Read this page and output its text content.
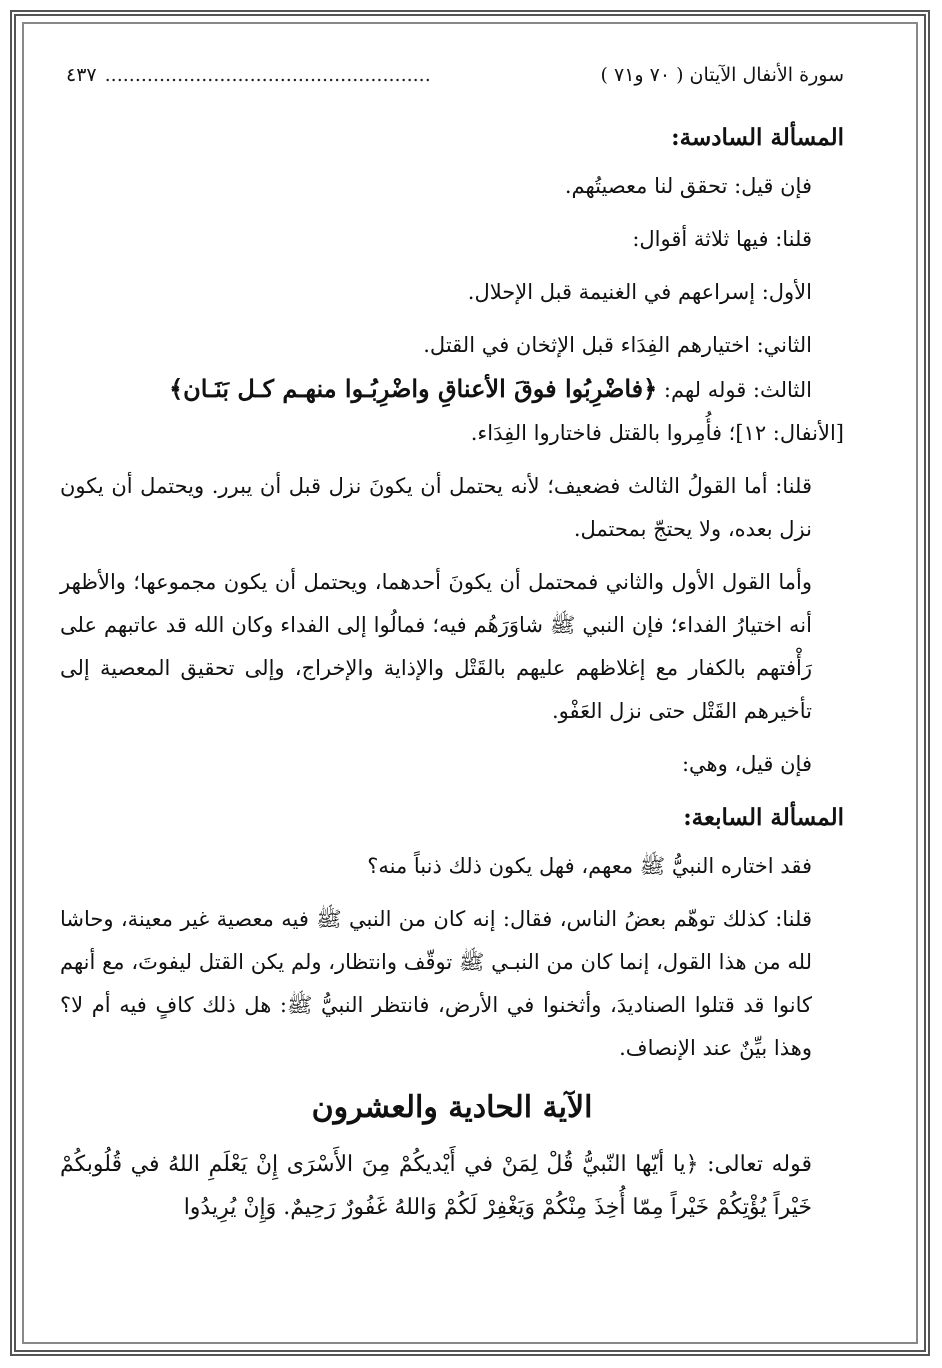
سورة الأنفال الآيتان ( ٧٠ و٧١ )
......................................................
٤٣٧
المسألة السادسة:

فإن قيل: تحقق لنا معصيتُهم.

قلنا: فيها ثلاثة أقوال:

الأول: إسراعهم في الغنيمة قبل الإحلال.

الثاني: اختيارهم الفِدَاء قبل الإثخان في القتل.

الثالث: قوله لهم: ﴿فاضْرِبُوا فوقَ الأعناقِ واضْرِبُـوا منهـم كـل بَنَـان﴾

[الأنفال: ١٢]؛ فأُمِروا بالقتل فاختاروا الفِدَاء.

قلنا: أما القولُ الثالث فضعيف؛ لأنه يحتمل أن يكونَ نزل قبل أن يبرر. ويحتمل أن يكون نزل بعده، ولا يحتجّ بمحتمل.

وأما القول الأول والثاني فمحتمل أن يكونَ أحدهما، ويحتمل أن يكون مجموعها؛ والأظهر أنه اختيارُ الفداء؛ فإن النبي ﷺ شاوَرَهُم فيه؛ فمالُوا إلى الفداء وكان الله قد عاتبهم على رَأْفتهم بالكفار مع إغلاظهم عليهم بالقَتْل والإذاية والإخراج، وإلى تحقيق المعصية إلى تأخيرهم القَتْل حتى نزل العَفْو.

فإن قيل، وهي:

المسألة السابعة:

فقد اختاره النبيُّ ﷺ معهم، فهل يكون ذلك ذنباً منه؟

قلنا: كذلك توهّم بعضُ الناس، فقال: إنه كان من النبي ﷺ فيه معصية غير معينة، وحاشا لله من هذا القول، إنما كان من النبـي ﷺ توقّف وانتظار، ولم يكن القتل ليفوتَ، مع أنهم كانوا قد قتلوا الصناديدَ، وأثخنوا في الأرض، فانتظر النبيُّ ﷺ: هل ذلك كافٍ فيه أم لا؟ وهذا بيِّنٌ عند الإنصاف.

الآية الحادية والعشرون

قوله تعالى: ﴿يا أيّها النّبيُّ قُلْ لِمَنْ في أَيْديكُمْ مِنَ الأَسْرَى إِنْ يَعْلَمِ اللهُ في قُلُوبكُمْ خَيْراً يُؤْتِكُمْ خَيْراً مِمّا أُخِذَ مِنْكُمْ وَيَغْفِرْ لَكُمْ وَاللهُ غَفُورٌ رَحِيمٌ. وَإِنْ يُرِيدُوا
